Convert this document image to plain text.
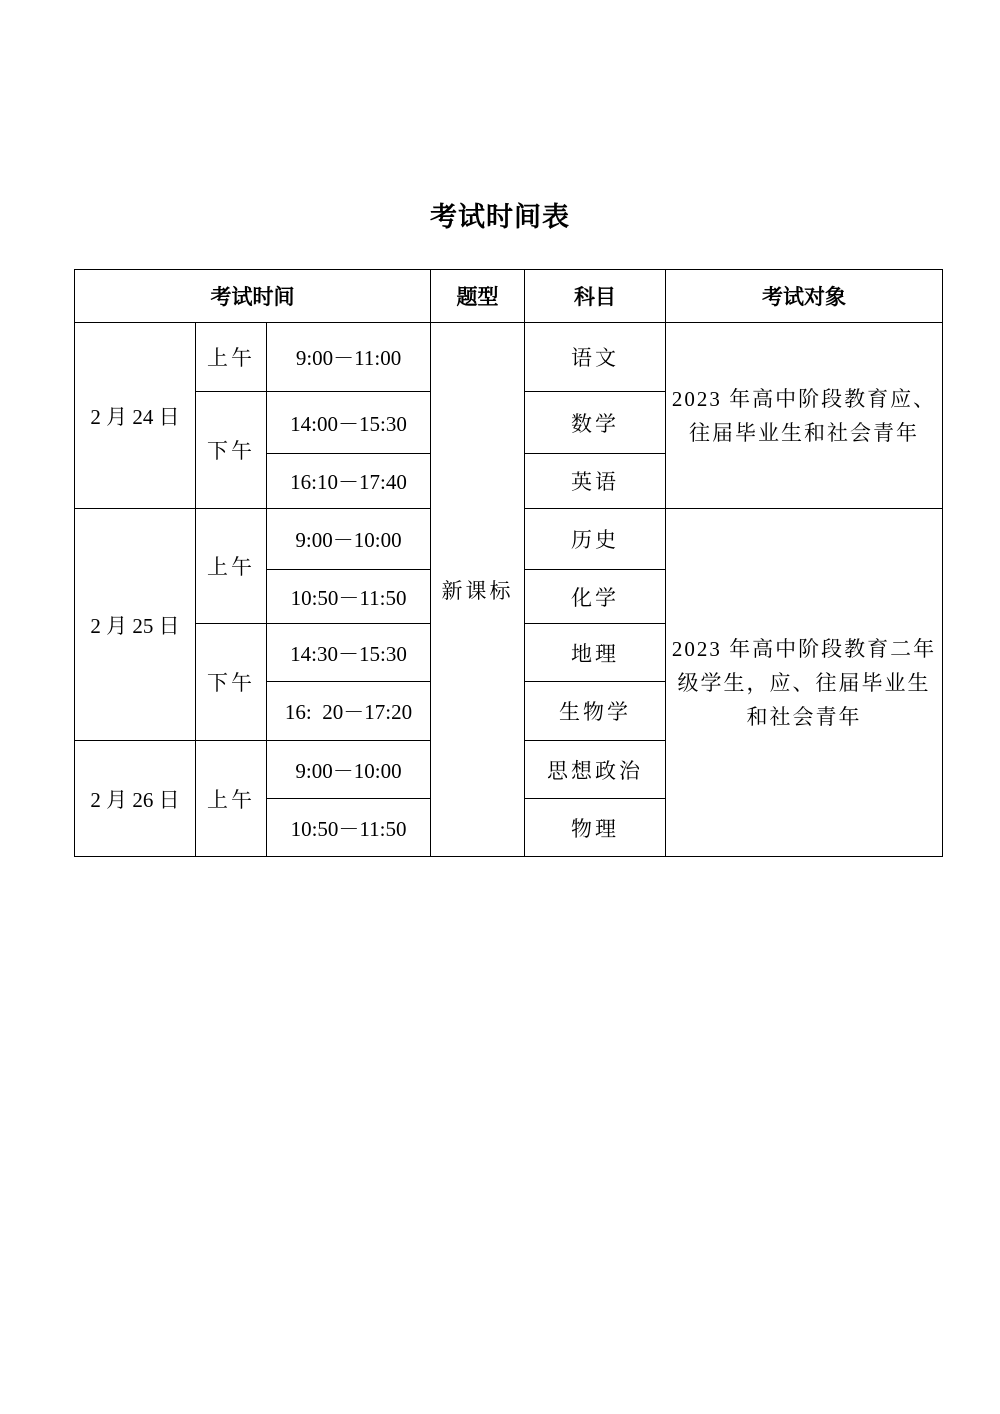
考试时间表
考试时间			题型	科目	考试对象
2 月 24 日	上午	9:00－11:00	新课标	语文	2023 年高中阶段教育应、往届毕业生和社会青年
	下午	14:00－15:30		数学	
		16:10－17:40		英语	
2 月 25 日	上午	9:00－10:00		历史	2023 年高中阶段教育二年级学生，应、往届毕业生和社会青年
		10:50－11:50		化学	
	下午	14:30－15:30		地理	
		16:  20－17:20		生物学	
2 月 26 日	上午	9:00－10:00		思想政治	
		10:50－11:50		物理	
